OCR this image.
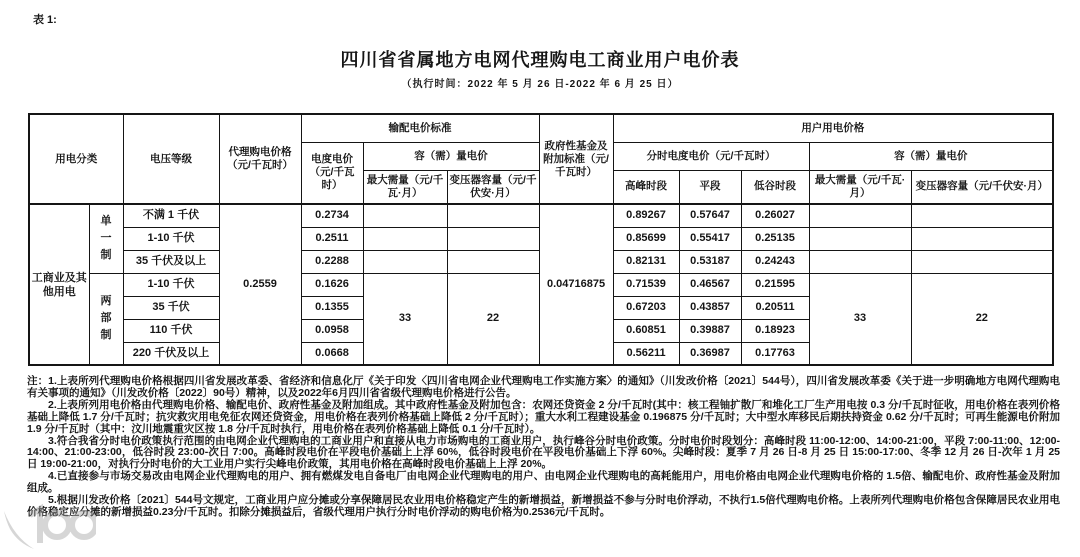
表 1:
四川省省属地方电网代理购电工商业用户电价表
（执行时间：2022 年 5 月 26 日-2022 年 6 月 25 日）
用电分类		电压等级	代理购电价格（元/千瓦时）	输配电价标准			政府性基金及附加标准（元/千瓦时）	用户用电价格				
				电度电价（元/千瓦时）	容（需）量电价			分时电度电价（元/千瓦时）			容（需）量电价	
					最大需量（元/千瓦·月）	变压器容量（元/千伏安·月）		高峰时段	平段	低谷时段	最大需量（元/千瓦·月）	变压器容量（元/千伏安·月）
工商业及其他用电	单一制	不满 1 千伏	0.2559	0.2734			0.04716875	0.89267	0.57647	0.26027		
		1-10 千伏		0.2511				0.85699	0.55417	0.25135		
		35 千伏及以上		0.2288				0.82131	0.53187	0.24243		
	两部制	1-10 千伏		0.1626	33	22		0.71539	0.46567	0.21595	33	22
		35 千伏		0.1355				0.67203	0.43857	0.20511		
		110 千伏		0.0958				0.60851	0.39887	0.18923		
		220 千伏及以上		0.0668				0.56211	0.36987	0.17763		

注：1.上表所列代理购电价格根据四川省发展改革委、省经济和信息化厅《关于印发〈四川省电网企业代理购电工作实施方案〉的通知》（川发改价格〔2021〕544号），四川省发展改革委《关于进一步明确地方电网代理购电有关事项的通知》（川发改价格〔2022〕90号）精神，以及2022年6月四川省省级代理购电价格进行公告。

2.上表所列用电价格由代理购电价格、输配电价、政府性基金及附加组成。其中政府性基金及附加包含：农网还贷资金 2 分/千瓦时(其中：核工程铀扩散厂和堆化工厂生产用电按 0.3 分/千瓦时征收，用电价格在表列价格基础上降低 1.7 分/千瓦时；抗灾救灾用电免征农网还贷资金，用电价格在表列价格基础上降低 2 分/千瓦时）；重大水利工程建设基金 0.196875 分/千瓦时；大中型水库移民后期扶持资金 0.62 分/千瓦时；可再生能源电价附加 1.9 分/千瓦时（其中：汶川地震重灾区按 1.8 分/千瓦时执行，用电价格在表列价格基础上降低 0.1 分/千瓦时）。

3.符合我省分时电价政策执行范围的由电网企业代理购电的工商业用户和直接从电力市场购电的工商业用户，执行峰谷分时电价政策。分时电价时段划分：高峰时段 11:00-12:00、14:00-21:00，平段 7:00-11:00、12:00-14:00、21:00-23:00，低谷时段 23:00-次日 7:00。高峰时段电价在平段电价基础上上浮 60%，低谷时段电价在平段电价基础上下浮 60%。尖峰时段：夏季 7 月 26 日-8 月 25 日 15:00-17:00、冬季 12 月 26 日-次年 1 月 25 日 19:00-21:00，对执行分时电价的大工业用户实行尖峰电价政策，其用电价格在高峰时段电价基础上上浮 20%。

4.已直接参与市场交易改由电网企业代理购电的用户、拥有燃煤发电自备电厂由电网企业代理购电的用户、由电网企业代理购电的高耗能用户，用电价格由电网企业代理购电价格的 1.5倍、输配电价、政府性基金及附加组成。

5.根据川发改价格〔2021〕544号文规定，工商业用户应分摊或分享保障居民农业用电价格稳定产生的新增损益，新增损益不参与分时电价浮动，不执行1.5倍代理购电价格。上表所列代理购电价格包含保障居民农业用电价格稳定应分摊的新增损益0.23分/千瓦时。扣除分摊损益后，省级代理用户执行分时电价浮动的购电价格为0.2536元/千瓦时。
